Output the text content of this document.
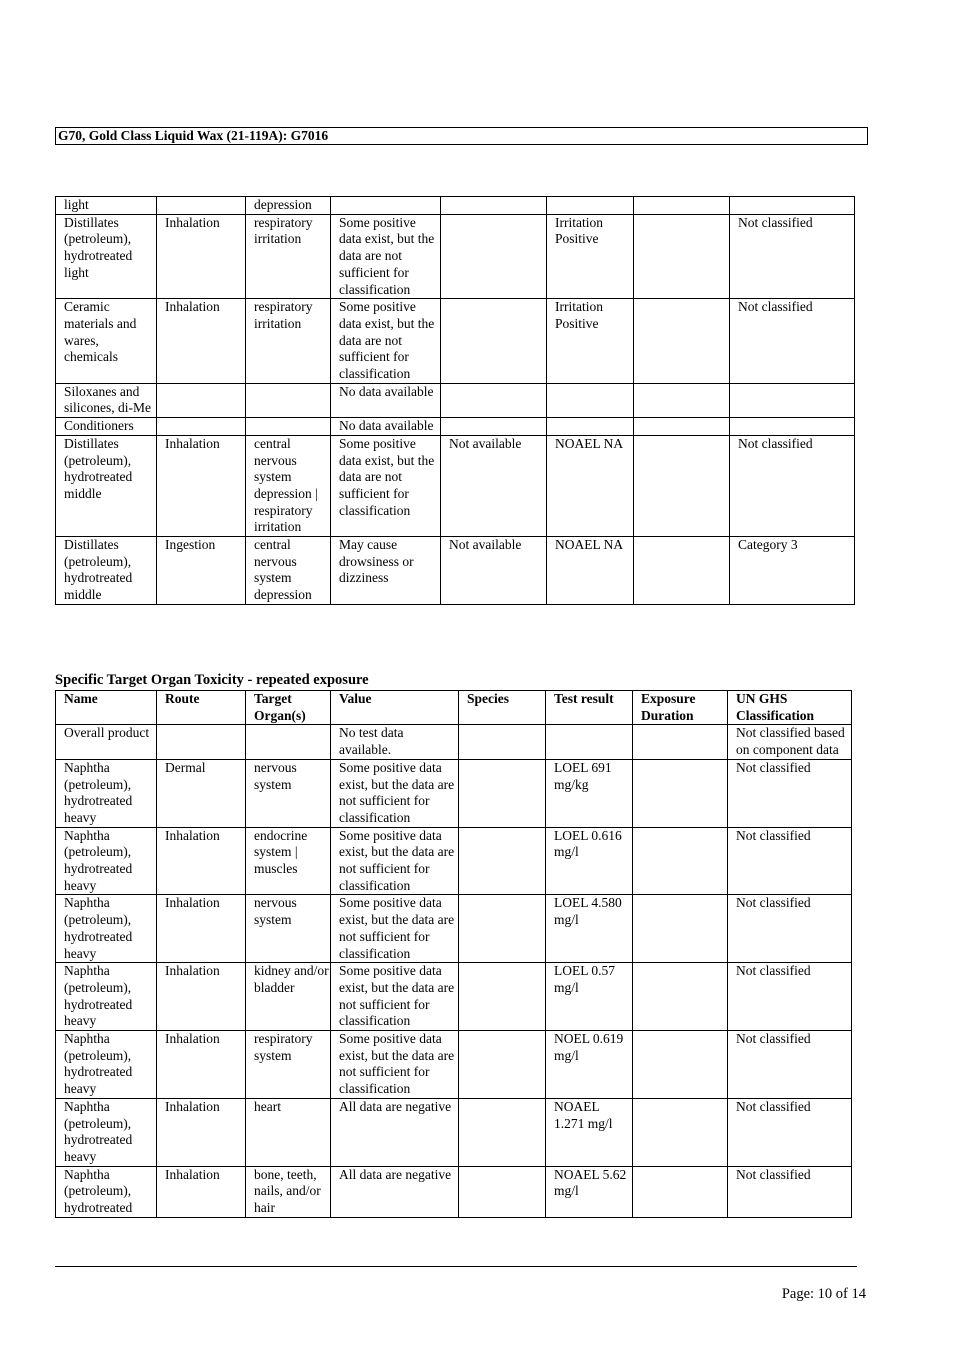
G70, Gold Class Liquid Wax (21-119A): G7016
light		depression					
Distillates (petroleum), hydrotreated light	Inhalation	respiratory irritation	Some positive data exist, but the data are not sufficient for classification		Irritation Positive		Not classified
Ceramic materials and wares, chemicals	Inhalation	respiratory irritation	Some positive data exist, but the data are not sufficient for classification		Irritation Positive		Not classified
Siloxanes and silicones, di-Me			No data available				
Conditioners			No data available				
Distillates (petroleum), hydrotreated middle	Inhalation	central nervous system depression | respiratory irritation	Some positive data exist, but the data are not sufficient for classification	Not available	NOAEL NA		Not classified
Distillates (petroleum), hydrotreated middle	Ingestion	central nervous system depression	May cause drowsiness or dizziness	Not available	NOAEL NA		Category 3
Specific Target Organ Toxicity - repeated exposure
Name	Route	Target Organ(s)	Value	Species	Test result	Exposure Duration	UN GHS Classification
Overall product			No test data available.				Not classified based on component data
Naphtha (petroleum), hydrotreated heavy	Dermal	nervous system	Some positive data exist, but the data are not sufficient for classification		LOEL 691 mg/kg		Not classified
Naphtha (petroleum), hydrotreated heavy	Inhalation	endocrine system | muscles	Some positive data exist, but the data are not sufficient for classification		LOEL 0.616 mg/l		Not classified
Naphtha (petroleum), hydrotreated heavy	Inhalation	nervous system	Some positive data exist, but the data are not sufficient for classification		LOEL 4.580 mg/l		Not classified
Naphtha (petroleum), hydrotreated heavy	Inhalation	kidney and/or bladder	Some positive data exist, but the data are not sufficient for classification		LOEL 0.57 mg/l		Not classified
Naphtha (petroleum), hydrotreated heavy	Inhalation	respiratory system	Some positive data exist, but the data are not sufficient for classification		NOEL 0.619 mg/l		Not classified
Naphtha (petroleum), hydrotreated heavy	Inhalation	heart	All data are negative		NOAEL 1.271 mg/l		Not classified
Naphtha (petroleum), hydrotreated	Inhalation	bone, teeth, nails, and/or hair	All data are negative		NOAEL 5.62 mg/l		Not classified
Page: 10 of 14
